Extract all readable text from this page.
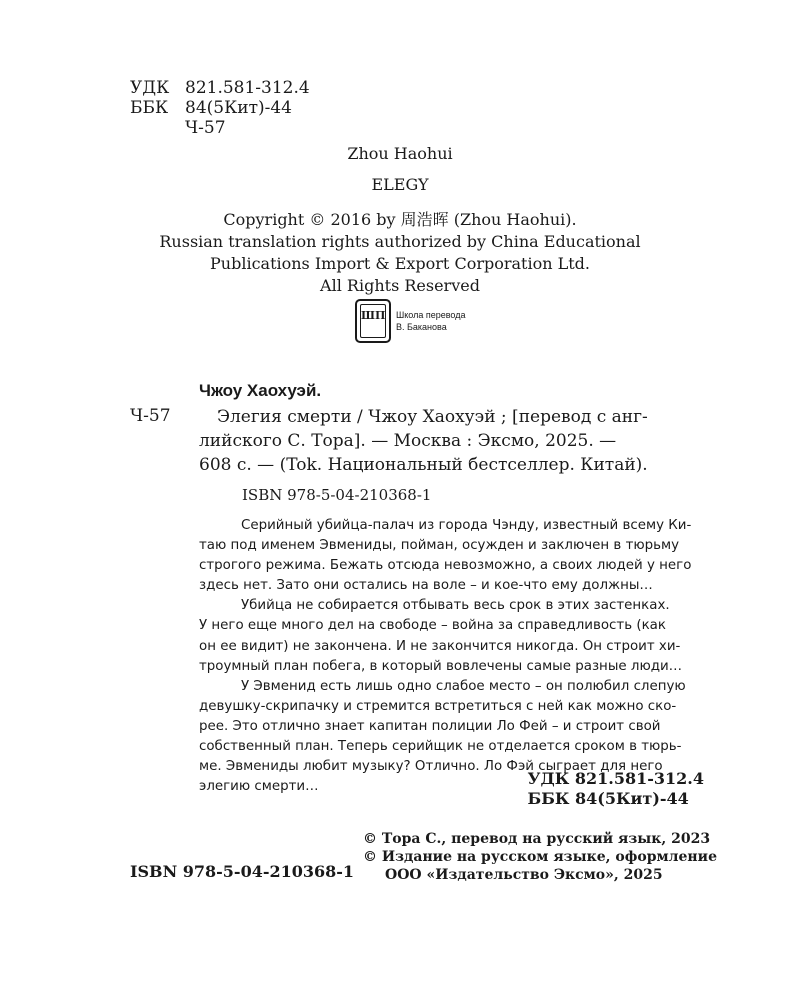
УДК 821.581-312.4
ББК 84(5Кит)-44
Ч-57
Zhou Haohui
ELEGY
Copyright © 2016 by 周浩晖 (Zhou Haohui).
Russian translation rights authorized by China Educational
Publications Import & Export Corporation Ltd.
All Rights Reserved
ШП Школа перевода
В. Баканова
Чжоу Хаохуэй.
Ч-57	Элегия смерти / Чжоу Хаохуэй ; [перевод с анг-
лийского С. Тора]. — Москва : Эксмо, 2025. —
608 с. — (Tok. Национальный бестселлер. Китай).
ISBN 978-5-04-210368-1

Серийный убийца-палач из города Чэнду, известный всему Ки-
таю под именем Эвмениды, пойман, осужден и заключен в тюрьму
строгого режима. Бежать отсюда невозможно, а своих людей у него
здесь нет. Зато они остались на воле – и кое-что ему должны…

Убийца не собирается отбывать весь срок в этих застенках.
У него еще много дел на свободе – война за справедливость (как
он ее видит) не закончена. И не закончится никогда. Он строит хи-
троумный план побега, в который вовлечены самые разные люди…

У Эвменид есть лишь одно слабое место – он полюбил слепую
девушку-скрипачку и стремится встретиться с ней как можно ско-
рее. Это отлично знает капитан полиции Ло Фей – и строит свой
собственный план. Теперь серийщик не отделается сроком в тюрь-
ме. Эвмениды любит музыку? Отлично. Ло Фэй сыграет для него
элегию смерти…	УДК 821.581-312.4
ББК 84(5Кит)-44
ISBN 978-5-04-210368-1
© Тора С., перевод на русский язык, 2023
© Издание на русском языке, оформление
ООО «Издательство Эксмо», 2025
